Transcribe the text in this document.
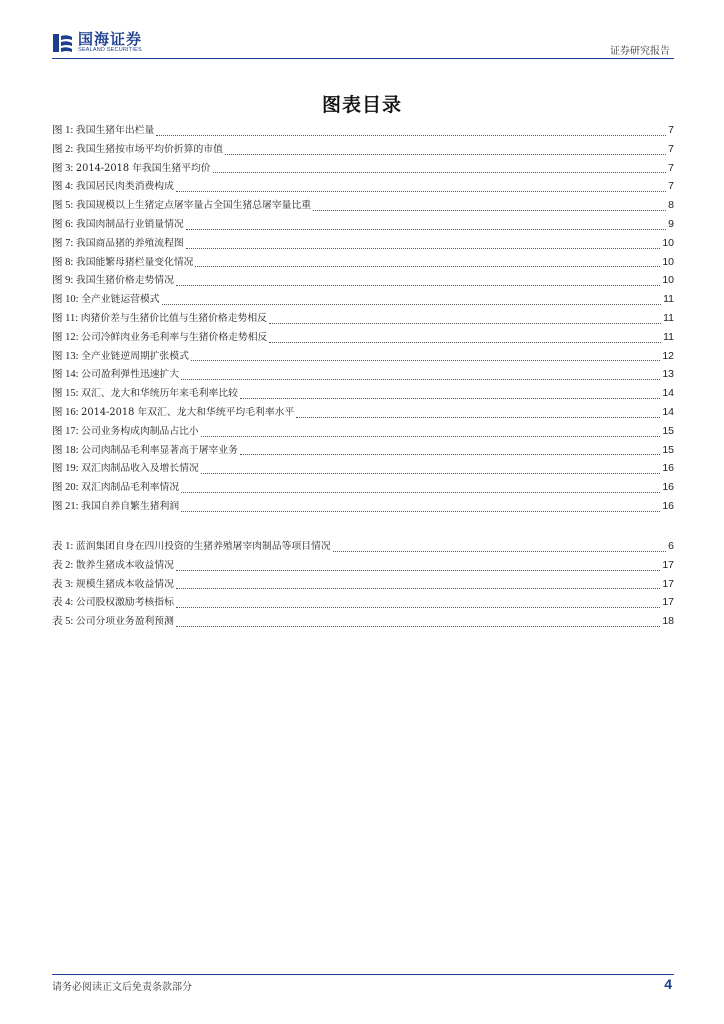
国海证券
SEALAND SECURITIES	证券研究报告
图表目录
图 1:
我国生猪年出栏量	7
图 2:
我国生猪按市场平均价折算的市值	7
图 3:
2014-2018 年我国生猪平均价	7
图 4:
我国居民肉类消费构成	7
图 5:
我国规模以上生猪定点屠宰量占全国生猪总屠宰量比重	8
图 6:
我国肉制品行业销量情况	9
图 7:
我国商品猪的养殖流程图	10
图 8:
我国能繁母猪栏量变化情况	10
图 9:
我国生猪价格走势情况	10
图 10:
全产业链运营模式	11
图 11:
肉猪价差与生猪价比值与生猪价格走势相反	11
图 12:
公司冷鲜肉业务毛利率与生猪价格走势相反	11
图 13:
全产业链逆周期扩张模式	12
图 14:
公司盈利弹性迅速扩大	13
图 15:
双汇、龙大和华统历年来毛利率比较	14
图 16:
2014-2018 年双汇、龙大和华统平均毛利率水平	14
图 17:
公司业务构成肉制品占比小	15
图 18:
公司肉制品毛利率显著高于屠宰业务	15
图 19:
双汇肉制品收入及增长情况	16
图 20:
双汇肉制品毛利率情况	16
图 21:
我国自养自繁生猪利润	16
表 1:
蓝润集团自身在四川投资的生猪养殖屠宰肉制品等项目情况	6
表 2:
散养生猪成本收益情况	17
表 3:
规模生猪成本收益情况	17
表 4:
公司股权激励考核指标	17
表 5:
公司分项业务盈利预测	18
请务必阅读正文后免责条款部分	4
